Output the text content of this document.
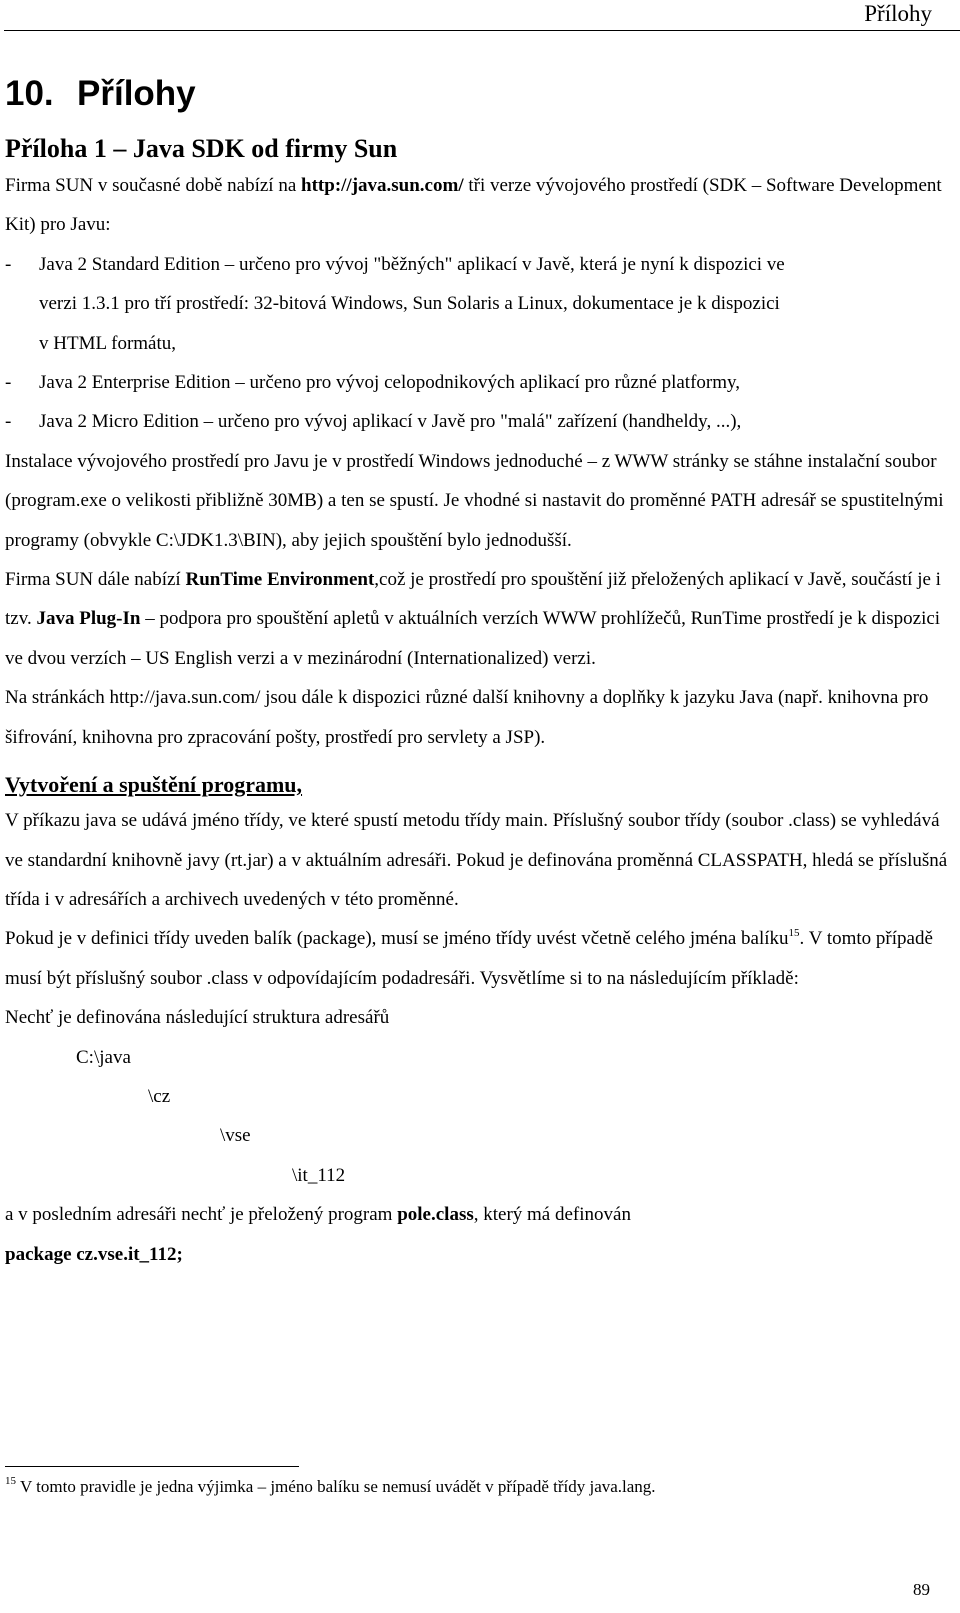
Přílohy
10. Přílohy
Příloha 1 – Java SDK od firmy Sun

Firma SUN v současné době nabízí na http://java.sun.com/ tři verze vývojového prostředí (SDK – Software Development Kit) pro Javu:

- Java 2 Standard Edition – určeno pro vývoj "běžných" aplikací v Javě, která je nyní k dispozici ve
verzi 1.3.1 pro tří prostředí: 32-bitová Windows, Sun Solaris a Linux, dokumentace je k dispozici
v HTML formátu,
- Java 2 Enterprise Edition – určeno pro vývoj celopodnikových aplikací pro různé platformy,
- Java 2 Micro Edition – určeno pro vývoj aplikací v Javě pro "malá" zařízení (handheldy, ...),

Instalace vývojového prostředí pro Javu je v prostředí Windows jednoduché – z WWW stránky se stáhne instalační soubor (program.exe o velikosti přibližně 30MB) a ten se spustí. Je vhodné si nastavit do proměnné PATH adresář se spustitelnými programy (obvykle C:\JDK1.3\BIN), aby jejich spouštění bylo jednodušší.

Firma SUN dále nabízí RunTime Environment,což je prostředí pro spouštění již přeložených aplikací v Javě, součástí je i tzv. Java Plug-In – podpora pro spouštění apletů v aktuálních verzích WWW prohlížečů, RunTime prostředí je k dispozici ve dvou verzích – US English verzi a v mezinárodní (Internationalized) verzi.

Na stránkách http://java.sun.com/ jsou dále k dispozici různé další knihovny a doplňky k jazyku Java (např. knihovna pro šifrování, knihovna pro zpracování pošty, prostředí pro servlety a JSP).

Vytvoření a spuštění programu,

V příkazu java se udává jméno třídy, ve které spustí metodu třídy main. Příslušný soubor třídy (soubor .class) se vyhledává ve standardní knihovně javy (rt.jar) a v aktuálním adresáři. Pokud je definována proměnná CLASSPATH, hledá se příslušná třída i v adresářích a archivech uvedených v této proměnné.

Pokud je v definici třídy uveden balík (package), musí se jméno třídy uvést včetně celého jména balíku$^{15}$. V tomto případě musí být příslušný soubor .class v odpovídajícím podadresáři. Vysvětlíme si to na následujícím příkladě:

Nechť je definována následující struktura adresářů

C:\java
\cz
\vse
\it_112

a v posledním adresáři nechť je přeložený program pole.class, který má definován

package cz.vse.it_112;

$^{15}$ V tomto pravidle je jedna výjimka – jméno balíku se nemusí uvádět v případě třídy java.lang.
89
